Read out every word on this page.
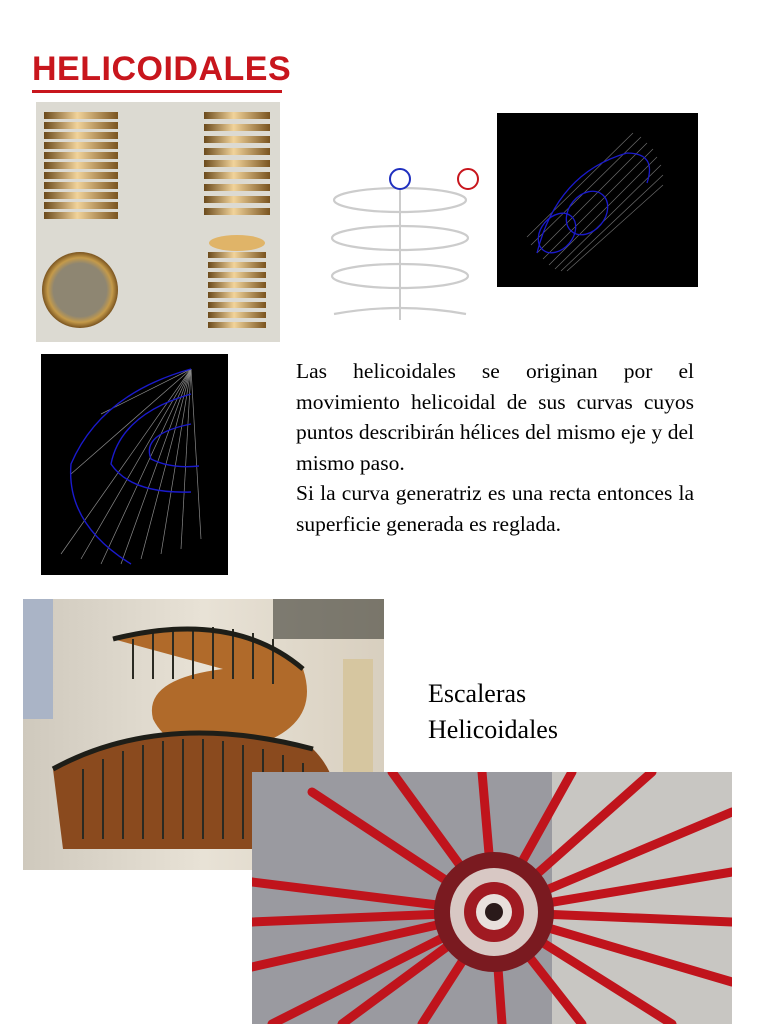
HELICOIDALES

Las helicoidales se originan por el movimiento helicoidal de sus curvas cuyos puntos describirán hélices del mismo eje y del mismo paso.

Si la curva generatriz es una recta entonces la superficie generada es reglada.

Escaleras
Helicoidales
